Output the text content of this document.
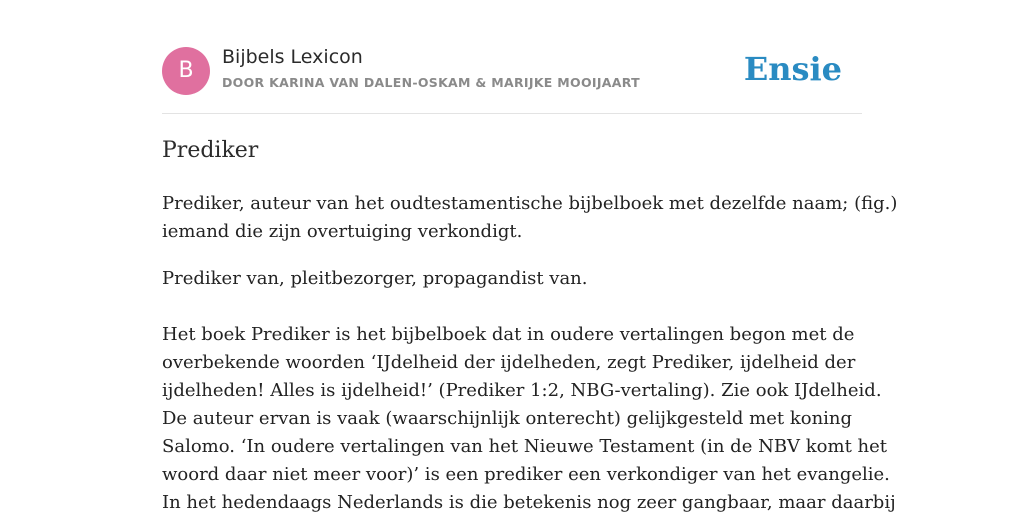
B
Bijbels Lexicon
DOOR KARINA VAN DALEN-OSKAM & MARIJKE MOOIJAART	Ensie
Prediker
Prediker, auteur van het oudtestamentische bijbelboek met dezelfde naam; (fig.)
iemand die zijn overtuiging verkondigt.
Prediker van, pleitbezorger, propagandist van.
Het boek Prediker is het bijbelboek dat in oudere vertalingen begon met de
overbekende woorden ‘IJdelheid der ijdelheden, zegt Prediker, ijdelheid der
ijdelheden! Alles is ijdelheid!’ (Prediker 1:2, NBG-vertaling). Zie ook IJdelheid.
De auteur ervan is vaak (waarschijnlijk onterecht) gelijkgesteld met koning
Salomo. ‘In oudere vertalingen van het Nieuwe Testament (in de NBV komt het
woord daar niet meer voor)’ is een prediker een verkondiger van het evangelie.
In het hedendaags Nederlands is die betekenis nog zeer gangbaar, maar daarbij
